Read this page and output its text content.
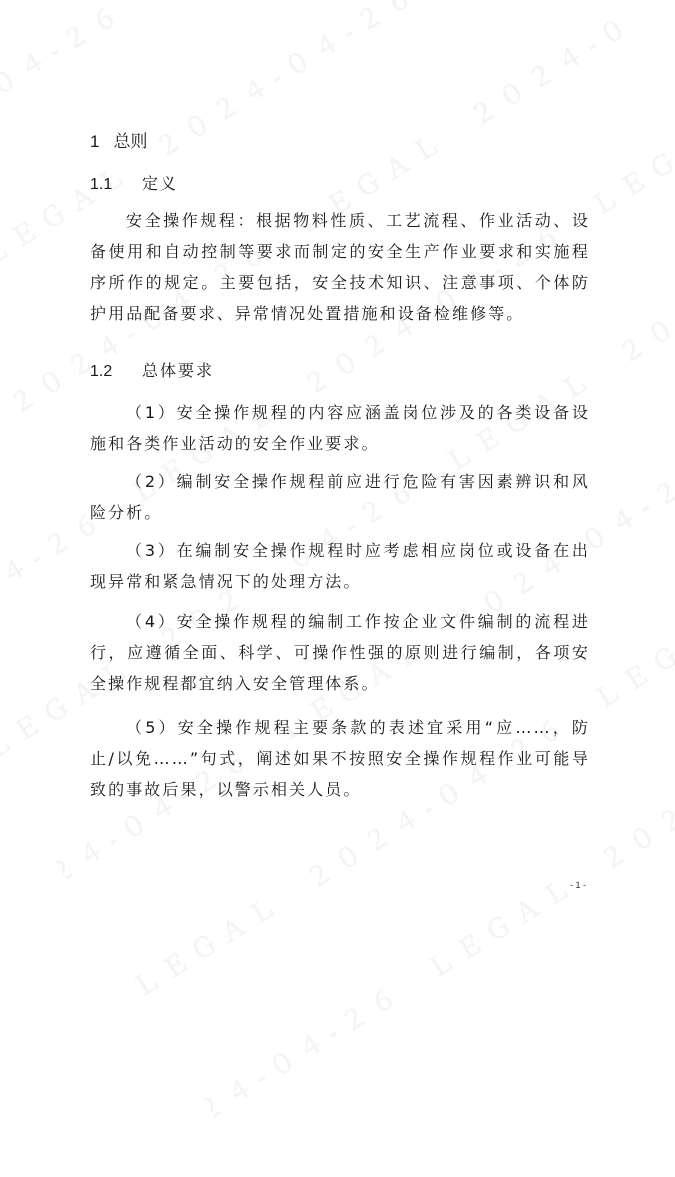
1 总则
1.1 定义

安全操作规程：根据物料性质、工艺流程、作业活动、设备使用和自动控制等要求而制定的安全生产作业要求和实施程序所作的规定。主要包括，安全技术知识、注意事项、个体防护用品配备要求、异常情况处置措施和设备检维修等。

1.2 总体要求

（1）安全操作规程的内容应涵盖岗位涉及的各类设备设施和各类作业活动的安全作业要求。

（2）编制安全操作规程前应进行危险有害因素辨识和风险分析。

（3）在编制安全操作规程时应考虑相应岗位或设备在出现异常和紧急情况下的处理方法。

（4）安全操作规程的编制工作按企业文件编制的流程进行，应遵循全面、科学、可操作性强的原则进行编制，各项安全操作规程都宜纳入安全管理体系。

（5）安全操作规程主要条款的表述宜采用“应……，防止/以免……”句式，阐述如果不按照安全操作规程作业可能导致的事故后果，以警示相关人员。

- 1 -
